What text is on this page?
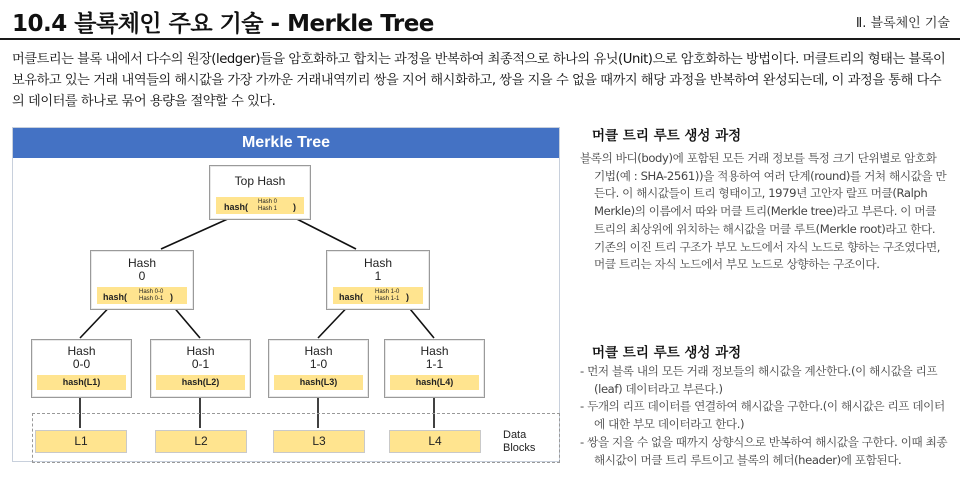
10.4 블록체인 주요 기술 - Merkle Tree	Ⅱ. 블록체인 기술
머클트리는 블록 내에서 다수의 원장(ledger)들을 암호화하고 합치는 과정을 반복하여 최종적으로 하나의 유닛(Unit)으로 암호화하는 방법이다. 머클트리의 형태는 블록이 보유하고 있는 거래 내역들의 해시값을 가장 가까운 거래내역끼리 쌍을 지어 해시화하고, 쌍을 지을 수 없을 때까지 해당 과정을 반복하여 완성되는데, 이 과정을 통해 다수의 데이터를 하나로 묶어 용량을 절약할 수 있다.
Merkle Tree
Top Hash
hash( Hash 0
Hash 1 )
Hash
0
hash( Hash 0-0
Hash 0-1 )
Hash
1
hash( Hash 1-0
Hash 1-1 )
Hash
0-0
hash(L1)
Hash
0-1
hash(L2)
Hash
1-0
hash(L3)
Hash
1-1
hash(L4)
L1	L2	L3	L4	Data
Blocks
머클 트리 루트 생성 과정
블록의 바디(body)에 포함된 모든 거래 정보를 특정 크기 단위별로 암호화 기법(예 : SHA-2561))을 적용하여 여러 단계(round)를 거쳐 해시값을 만든다. 이 해시값들이 트리 형태이고, 1979년 고안자 랄프 머클(Ralph Merkle)의 이름에서 따와 머클 트리(Merkle tree)라고 부른다. 이 머클 트리의 최상위에 위치하는 해시값을 머클 루트(Merkle root)라고 한다. 기존의 이진 트리 구조가 부모 노드에서 자식 노드로 향하는 구조였다면, 머클 트리는 자식 노드에서 부모 노드로 상향하는 구조이다.
머클 트리 루트 생성 과정
- 먼저 블록 내의 모든 거래 정보들의 해시값을 계산한다.(이 해시값을 리프(leaf) 데이터라고 부른다.)
- 두개의 리프 데이터를 연결하여 해시값을 구한다.(이 해시값은 리프 데이터에 대한 부모 데이터라고 한다.)
- 쌍을 지을 수 없을 때까지 상향식으로 반복하여 해시값을 구한다. 이때 최종 해시값이 머클 트리 루트이고 블록의 헤더(header)에 포함된다.
